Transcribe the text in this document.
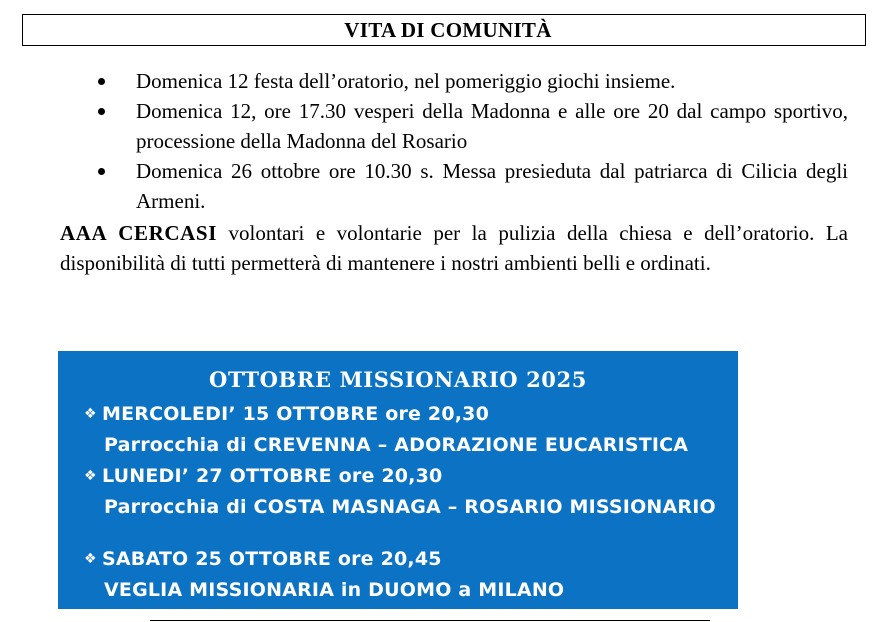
VITA DI COMUNITÀ
Domenica 12 festa dell’oratorio, nel pomeriggio giochi insieme.
Domenica 12, ore 17.30 vesperi della Madonna e alle ore 20 dal campo sportivo, processione della Madonna del Rosario
Domenica 26 ottobre ore 10.30 s. Messa presieduta dal patriarca di Cilicia degli Armeni.

AAA CERCASI volontari e volontarie per la pulizia della chiesa e dell’oratorio. La disponibilità di tutti permetterà di mantenere i nostri ambienti belli e ordinati.

OTTOBRE MISSIONARIO 2025
❖ MERCOLEDI’ 15 OTTOBRE ore 20,30
Parrocchia di CREVENNA – ADORAZIONE EUCARISTICA
❖ LUNEDI’ 27 OTTOBRE ore 20,30
Parrocchia di COSTA MASNAGA – ROSARIO MISSIONARIO
❖ SABATO 25 OTTOBRE ore 20,45
VEGLIA MISSIONARIA in DUOMO a MILANO
